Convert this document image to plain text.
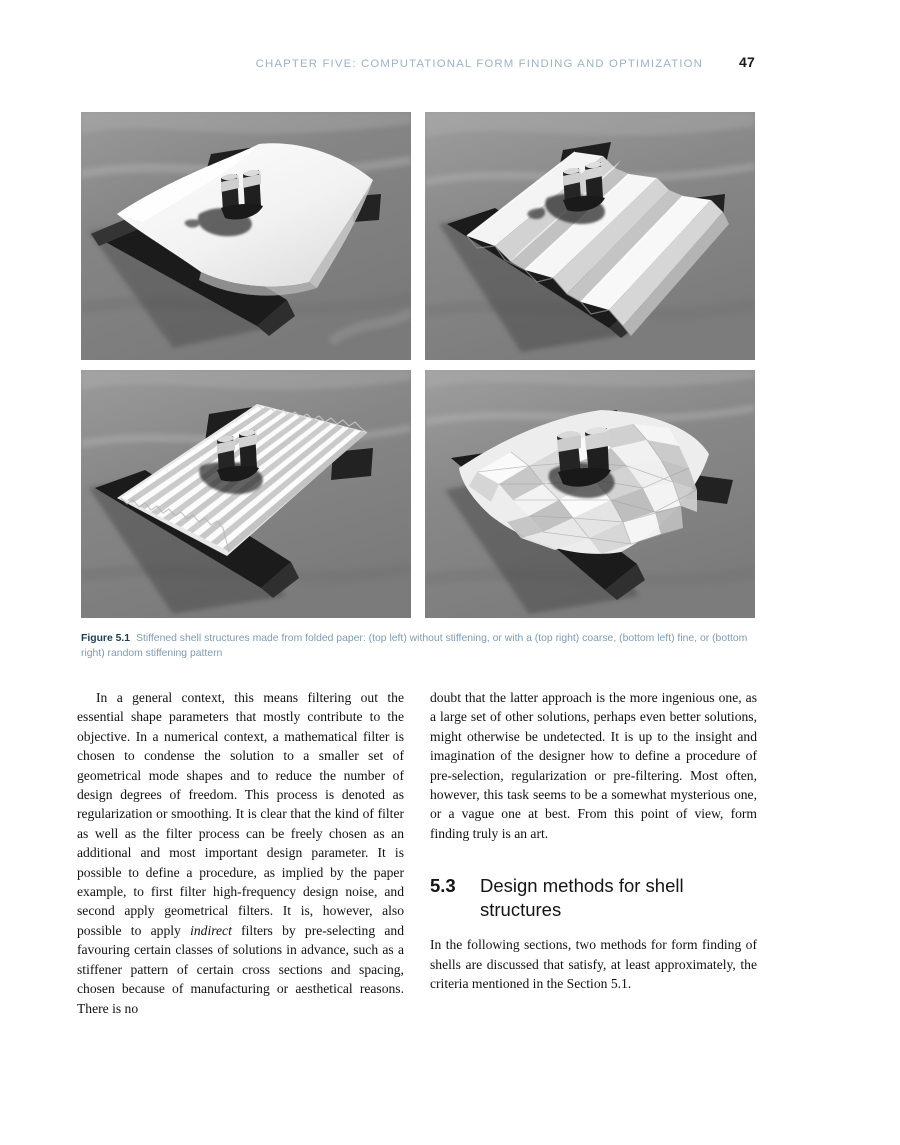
CHAPTER FIVE: COMPUTATIONAL FORM FINDING AND OPTIMIZATION	47
Figure 5.1 Stiffened shell structures made from folded paper: (top left) without stiffening, or with a (top right) coarse, (bottom left) fine, or (bottom right) random stiffening pattern

In a general context, this means filtering out the essential shape parameters that mostly contribute to the objective. In a numerical context, a mathematical filter is chosen to condense the solution to a smaller set of geometrical mode shapes and to reduce the number of design degrees of freedom. This process is denoted as regularization or smoothing. It is clear that the kind of filter as well as the filter process can be freely chosen as an additional and most important design parameter. It is possible to define a procedure, as implied by the paper example, to first filter high-frequency design noise, and second apply geometrical filters. It is, however, also possible to apply indirect filters by pre-selecting and favouring certain classes of solutions in advance, such as a stiffener pattern of certain cross sections and spacing, chosen because of manufacturing or aesthetical reasons. There is no

doubt that the latter approach is the more ingenious one, as a large set of other solutions, perhaps even better solutions, might otherwise be undetected. It is up to the insight and imagination of the designer how to define a procedure of pre-selection, regularization or pre-filtering. Most often, however, this task seems to be a somewhat mysterious one, or a vague one at best. From this point of view, form finding truly is an art.

5.3	Design methods for shell structures

In the following sections, two methods for form finding of shells are discussed that satisfy, at least approximately, the criteria mentioned in the Section 5.1.
